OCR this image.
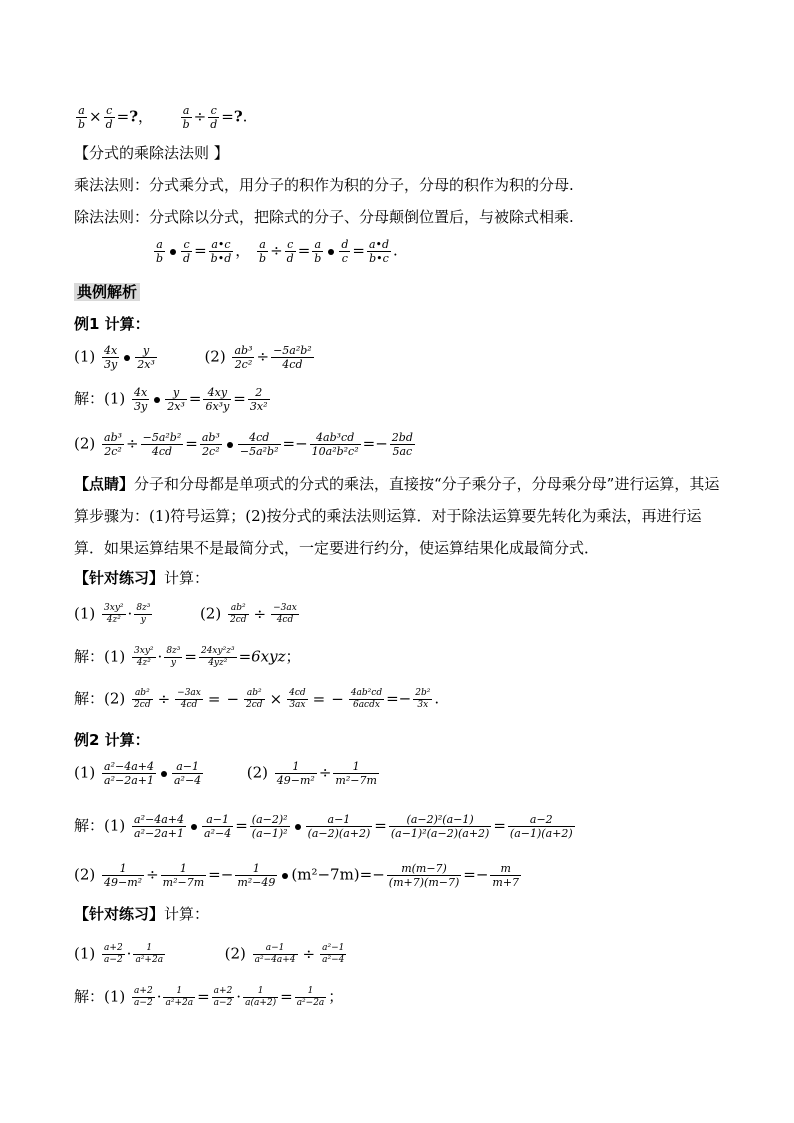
$\frac{a}{b} \times \frac{c}{d}$ =?， $\frac{a}{b} \div \frac{c}{d}$ =?.
【分式的乘除法法则 】
乘法法则：分式乘分式，用分子的积作为积的分子，分母的积作为积的分母.
除法法则：分式除以分式，把除式的分子、分母颠倒位置后，与被除式相乘.
$\frac{a}{b} \frac{c}{d} = \frac{a•c}{b•d}$ ， $\frac{a}{b} \div \frac{c}{d} = \frac{a}{b} \frac{d}{c} = \frac{a•d}{b•c}$ .
典例解析
例1 计算：
$(1) \frac{4x}{3y} \frac{y}{\text{2x³}}$	$(2) \frac{\text{ab³}}{\text{2c²}} \div \frac{\text{−5a²b²}}{4cd}$
解：$(1) \frac{4x}{3y} \frac{y}{\text{2x³}} = \frac{4xy}{\text{6x³y}} = \frac{2}{\text{3x²}}$
$(2) \frac{\text{ab³}}{\text{2c²}} \div \frac{\text{−5a²b²}}{4cd} = \frac{\text{ab³}}{\text{2c²}} \frac{4cd}{\text{−5a²b²}} =- \frac{\text{4ab³cd}}{\text{10a²b²c²}} =- \frac{2bd}{5ac}$
【点睛】分子和分母都是单项式的分式的乘法，直接按“分子乘分子，分母乘分母”进行运算，其运算步骤为：(1)符号运算；(2)按分式的乘法法则运算．对于除法运算要先转化为乘法，再进行运算．如果运算结果不是最简分式，一定要进行约分，使运算结果化成最简分式．
【针对练习】计算：
$(1) \frac{\text{3xy²}}{\text{4z²}} \cdot \frac{\text{8z³}}{y}$	$(2) \frac{\text{ab²}}{2cd} \div \frac{-3ax}{4cd}$
解：$(1) \frac{\text{3xy²}}{\text{4z²}} \cdot \frac{\text{8z³}}{y} = \frac{\text{24xy²z³}}{\text{4yz²}} =6xyz$；
解：$(2) \frac{\text{ab²}}{2cd} \div \frac{-3ax}{4cd}$ = − $\frac{\text{ab²}}{2cd} \times \frac{4cd}{3ax}$ = − $\frac{\text{4ab²cd}}{\text{6acdx}} =- \frac{\text{2b²}}{3x}$ .
例2 计算：
$(1) \frac{\text{a²−4a+4}}{\text{a²−2a+1}} \frac{a-1}{\text{a²−4}}$	$(2) \frac{1}{\text{49−m²}} \div \frac{1}{\text{m²−7m}}$
解：$(1) \frac{\text{a²−4a+4}}{\text{a²−2a+1}} \frac{a-1}{\text{a²−4}} = \frac{\text{(a−2)²}}{\text{(a−1)²}} \frac{a-1}{(a-2)(a+2)} = \frac{\text{(a−2)²(a−1)}}{\text{(a−1)²(a−2)(a+2)}} = \frac{a-2}{(a-1)(a+2)}$
$(2) \frac{1}{\text{49−m²}} \div \frac{1}{\text{m²−7m}} =- \frac{1}{\text{m²−49}} (m^2-7m)=- \frac{m(m-7)}{(m+7)(m-7)} =- \frac{m}{m+7}$
【针对练习】计算：
$(1) \frac{a+2}{a-2} \cdot \frac{1}{\text{a²+2a}}$	$(2) \frac{a-1}{\text{a²−4a+4}} \div \frac{\text{a²−1}}{\text{a²−4}}$
解：$(1) \frac{a+2}{a-2} \cdot \frac{1}{\text{a²+2a}} = \frac{a+2}{a-2} \cdot \frac{1}{a(a+2)} = \frac{1}{\text{a²−2a}}$ ；
